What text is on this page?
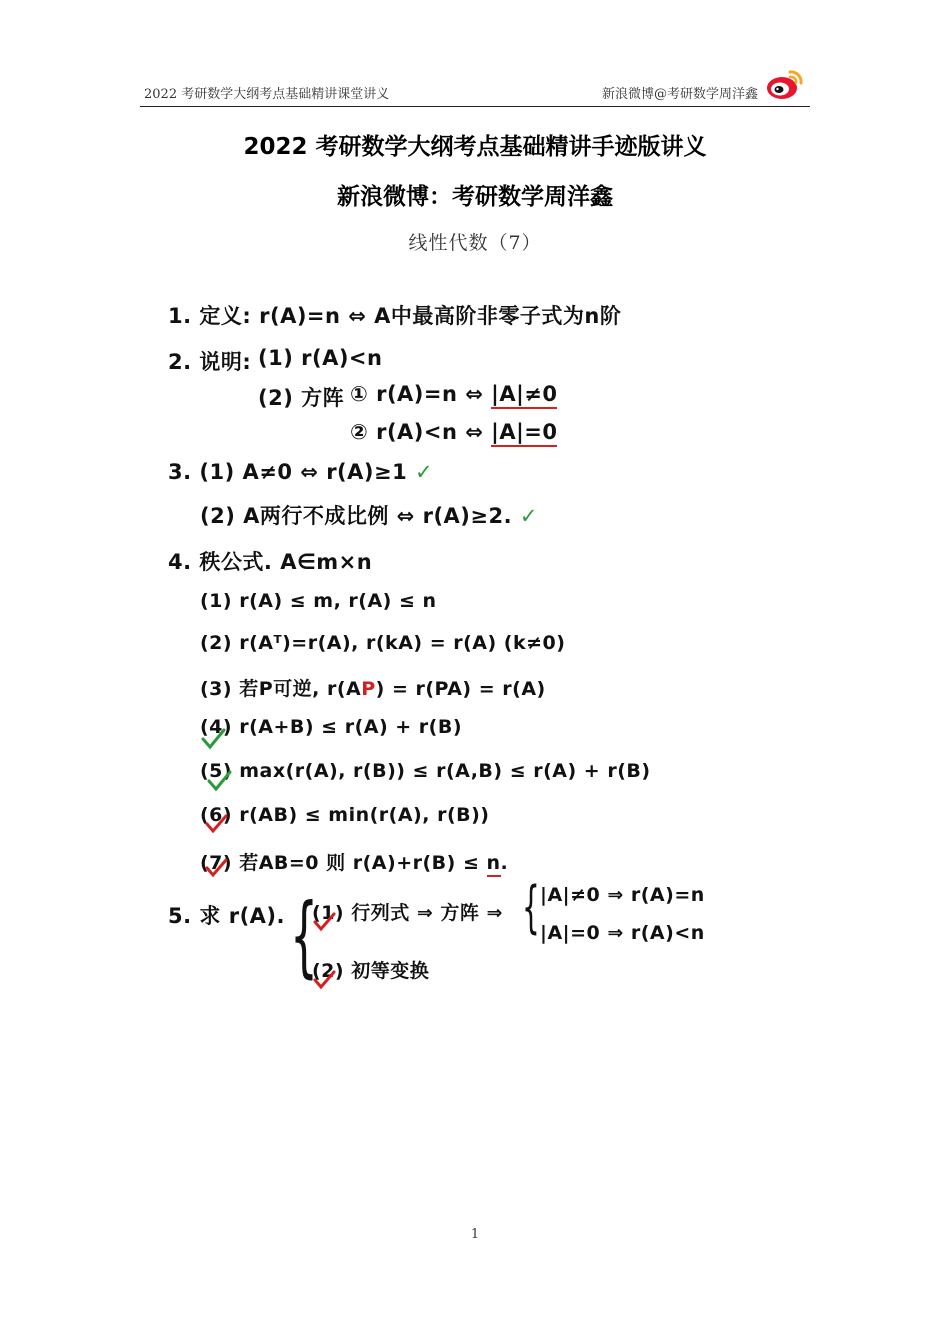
2022 考研数学大纲考点基础精讲课堂讲义	新浪微博@考研数学周洋鑫
2022 考研数学大纲考点基础精讲手迹版讲义
新浪微博：考研数学周洋鑫
线性代数（7）
1. 定义: r(A)=n ⇔ A中最高阶非零子式为n阶
2. 说明: (1) r(A)<n
(2) 方阵 ① r(A)=n ⇔ |A|≠0
② r(A)<n ⇔ |A|=0
3. (1) A≠0 ⇔ r(A)≥1 ✓
(2) A两行不成比例 ⇔ r(A)≥2. ✓
4. 秩公式. A∈m×n
(1) r(A) ≤ m, r(A) ≤ n
(2) r(Aᵀ)=r(A), r(kA) = r(A) (k≠0)
(3) 若P可逆, r(AP) = r(PA) = r(A)
(4) r(A+B) ≤ r(A) + r(B)
(5) max(r(A), r(B)) ≤ r(A,B) ≤ r(A) + r(B)
(6) r(AB) ≤ min(r(A), r(B))
(7) 若AB=0 则 r(A)+r(B) ≤ n.
5. 求 r(A). {
(1) 行列式 ⇒ 方阵 ⇒ { |A|≠0 ⇒ r(A)=n
|A|=0 ⇒ r(A)<n
(2) 初等变换
1
